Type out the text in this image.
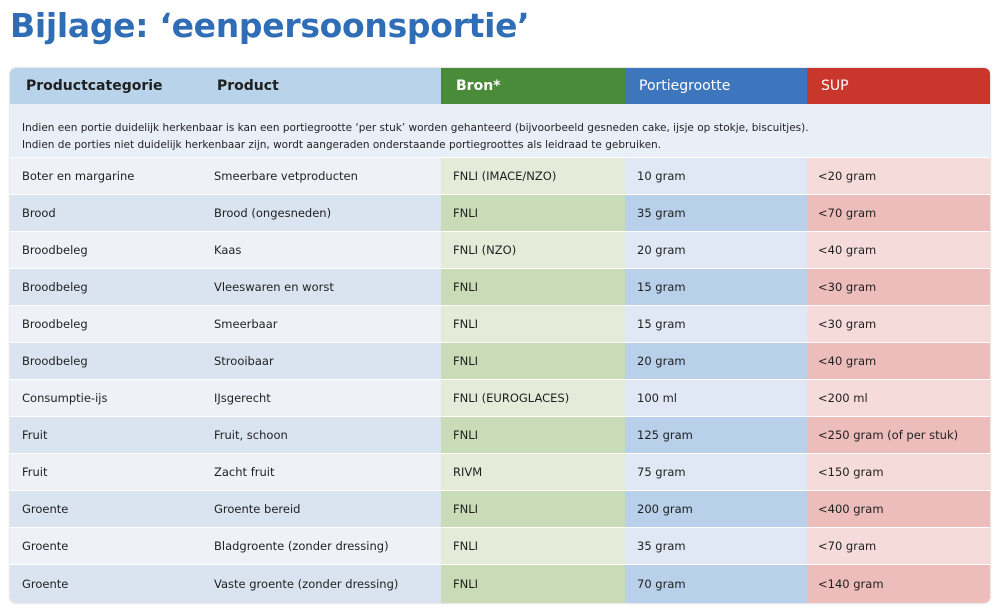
Bijlage: ‘eenpersoonsportie’
Productcategorie	Product	Bron*	Portiegrootte	SUP
Indien een portie duidelijk herkenbaar is kan een portiegrootte ‘per stuk’ worden gehanteerd (bijvoorbeeld gesneden cake, ijsje op stokje, biscuitjes).
Indien de porties niet duidelijk herkenbaar zijn, wordt aangeraden onderstaande portiegroottes als leidraad te gebruiken.
Boter en margarine	Smeerbare vetproducten	FNLI (IMACE/NZO)	10 gram	<20 gram
Brood	Brood (ongesneden)	FNLI	35 gram	<70 gram
Broodbeleg	Kaas	FNLI (NZO)	20 gram	<40 gram
Broodbeleg	Vleeswaren en worst	FNLI	15 gram	<30 gram
Broodbeleg	Smeerbaar	FNLI	15 gram	<30 gram
Broodbeleg	Strooibaar	FNLI	20 gram	<40 gram
Consumptie-ijs	IJsgerecht	FNLI (EUROGLACES)	100 ml	<200 ml
Fruit	Fruit, schoon	FNLI	125 gram	<250 gram (of per stuk)
Fruit	Zacht fruit	RIVM	75 gram	<150 gram
Groente	Groente bereid	FNLI	200 gram	<400 gram
Groente	Bladgroente (zonder dressing)	FNLI	35 gram	<70 gram
Groente	Vaste groente (zonder dressing)	FNLI	70 gram	<140 gram
